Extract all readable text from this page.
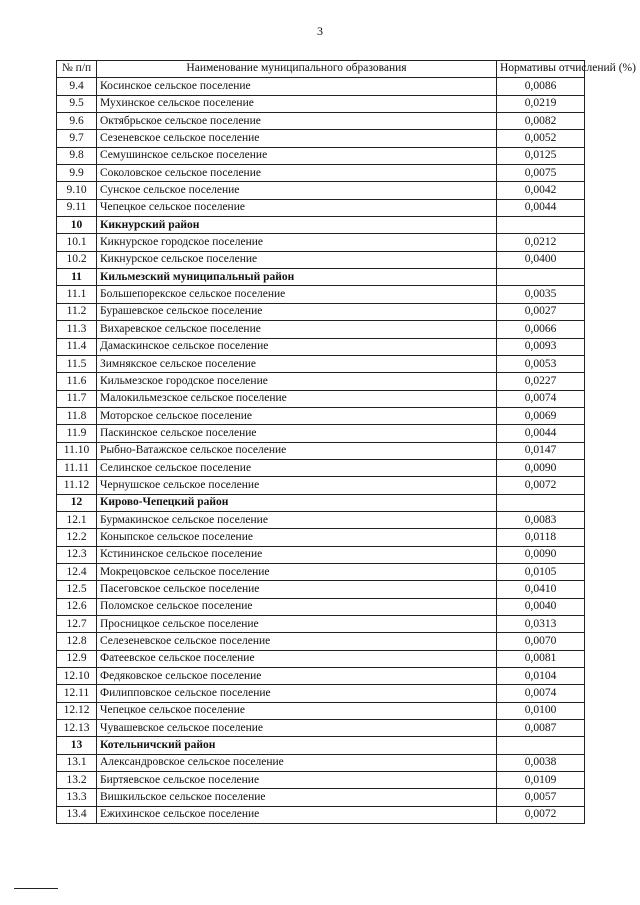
3
№ п/п	Наименование муниципального образования	Нормативы отчислений (%)
9.4	Косинское сельское поселение	0,0086
9.5	Мухинское сельское поселение	0,0219
9.6	Октябрьское сельское поселение	0,0082
9.7	Сезеневское сельское поселение	0,0052
9.8	Семушинское сельское поселение	0,0125
9.9	Соколовское сельское поселение	0,0075
9.10	Сунское сельское поселение	0,0042
9.11	Чепецкое сельское поселение	0,0044
10	Кикнурский район	
10.1	Кикнурское городское поселение	0,0212
10.2	Кикнурское сельское поселение	0,0400
11	Кильмезский муниципальный район	
11.1	Большепорекское сельское поселение	0,0035
11.2	Бурашевское сельское поселение	0,0027
11.3	Вихаревское сельское поселение	0,0066
11.4	Дамаскинское сельское поселение	0,0093
11.5	Зимнякское сельское поселение	0,0053
11.6	Кильмезское городское поселение	0,0227
11.7	Малокильмезское сельское поселение	0,0074
11.8	Моторское сельское поселение	0,0069
11.9	Паскинское сельское поселение	0,0044
11.10	Рыбно-Ватажское сельское поселение	0,0147
11.11	Селинское сельское поселение	0,0090
11.12	Чернушское сельское поселение	0,0072
12	Кирово-Чепецкий район	
12.1	Бурмакинское сельское поселение	0,0083
12.2	Коныпское сельское поселение	0,0118
12.3	Кстининское сельское поселение	0,0090
12.4	Мокрецовское сельское поселение	0,0105
12.5	Пасеговское сельское поселение	0,0410
12.6	Поломское сельское поселение	0,0040
12.7	Просницкое сельское поселение	0,0313
12.8	Селезеневское сельское поселение	0,0070
12.9	Фатеевское сельское поселение	0,0081
12.10	Федяковское сельское поселение	0,0104
12.11	Филипповское сельское поселение	0,0074
12.12	Чепецкое сельское поселение	0,0100
12.13	Чувашевское сельское поселение	0,0087
13	Котельничский район	
13.1	Александровское сельское поселение	0,0038
13.2	Биртяевское сельское поселение	0,0109
13.3	Вишкильское сельское поселение	0,0057
13.4	Ежихинское сельское поселение	0,0072
